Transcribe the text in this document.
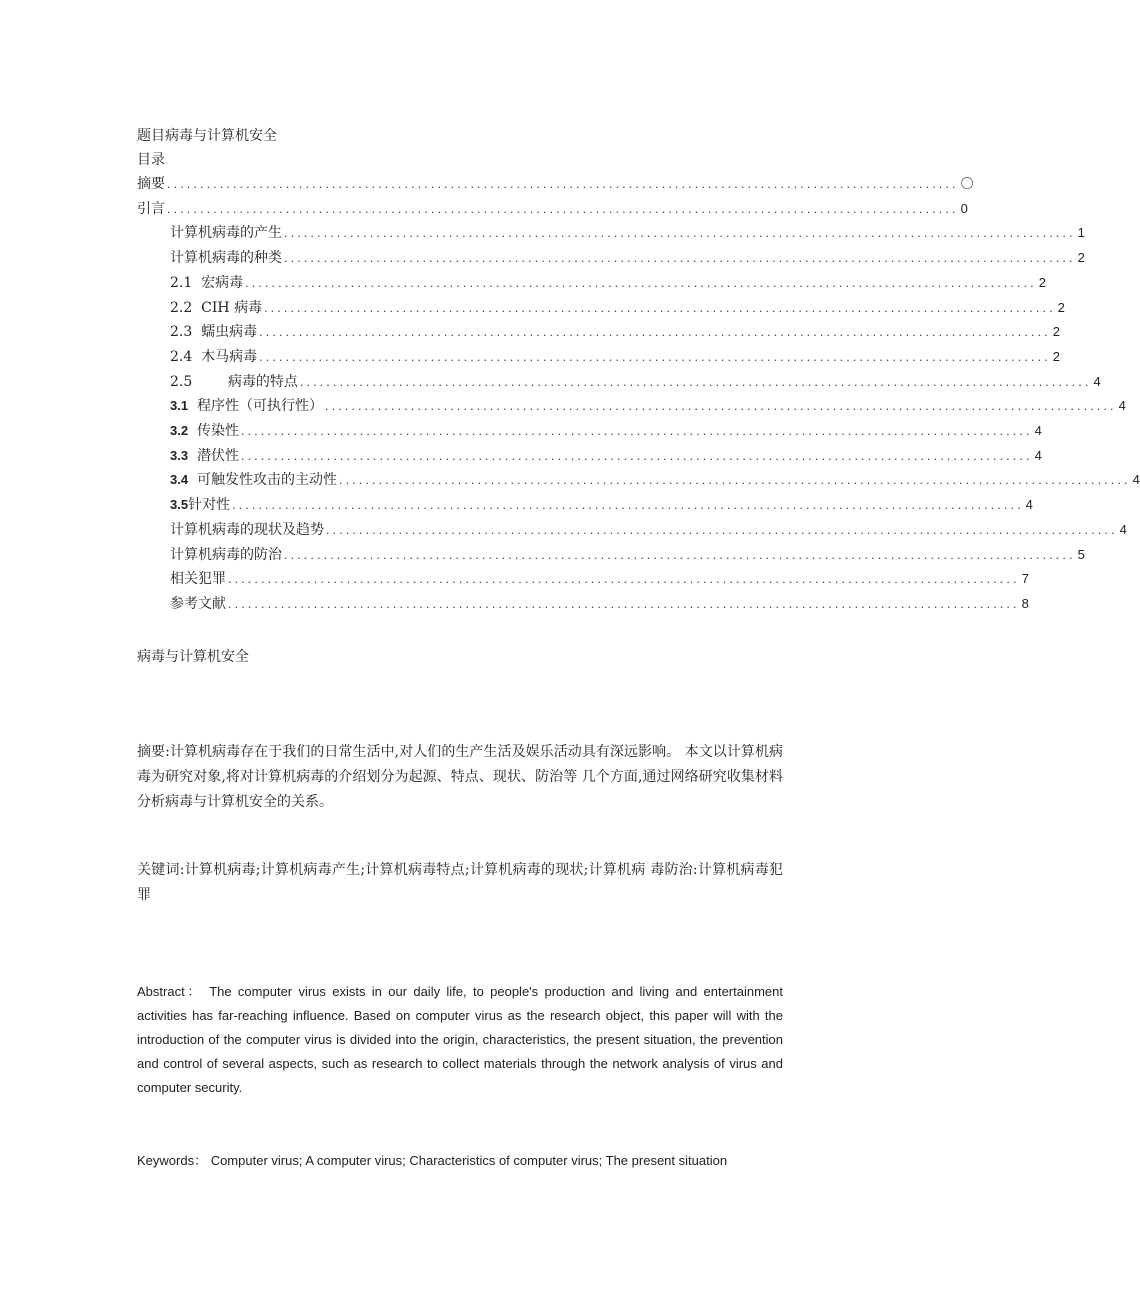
题目病毒与计算机安全
目录
摘要 ........................................................................................................................ 〇
引言 ........................................................................................................................ 0
计算机病毒的产生 ........................................................................................................................ 1
计算机病毒的种类 ........................................................................................................................ 2
2.1 宏病毒 ........................................................................................................................ 2
2.2 CIH 病毒 ........................................................................................................................ 2
2.3 蠕虫病毒 ........................................................................................................................ 2
2.4 木马病毒 ........................................................................................................................ 2
2.5	病毒的特点 ........................................................................................................................ 4
3.1 程序性（可执行性） ........................................................................................................................ 4
3.2 传染性 ........................................................................................................................ 4
3.3 潜伏性 ........................................................................................................................ 4
3.4 可触发性攻击的主动性 ........................................................................................................................ 4
3.5针对性 ........................................................................................................................ 4
计算机病毒的现状及趋势 ........................................................................................................................ 4
计算机病毒的防治 ........................................................................................................................ 5
相关犯罪 ........................................................................................................................ 7
参考文献 ........................................................................................................................ 8
病毒与计算机安全
摘要:计算机病毒存在于我们的日常生活中,对人们的生产生活及娱乐活动具有深远影响。 本文以计算机病毒为研究对象,将对计算机病毒的介绍划分为起源、特点、现状、防治等 几个方面,通过网络研究收集材料分析病毒与计算机安全的关系。
关键词:计算机病毒;计算机病毒产生;计算机病毒特点;计算机病毒的现状;计算机病 毒防治:计算机病毒犯罪
Abstract： The computer virus exists in our daily life, to people's production and living and entertainment activities has far-reaching influence. Based on computer virus as the research object, this paper will with the introduction of the computer virus is divided into the origin, characteristics, the present situation, the prevention and control of several aspects, such as research to collect materials through the network analysis of virus and computer security.
Keywords： Computer virus; A computer virus; Characteristics of computer virus; The present situation
